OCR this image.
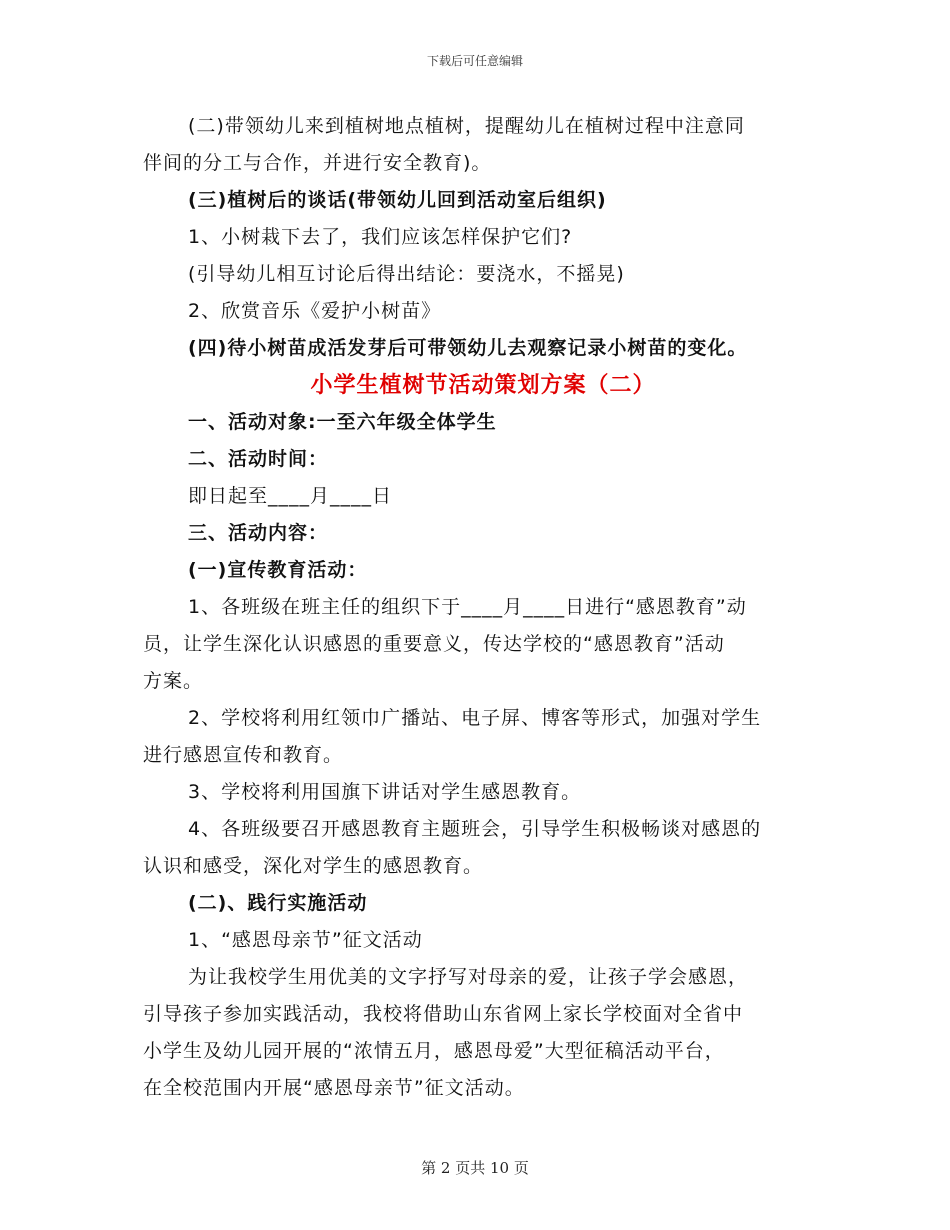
下载后可任意编辑
(二)带领幼儿来到植树地点植树，提醒幼儿在植树过程中注意同
伴间的分工与合作，并进行安全教育)。
(三)植树后的谈话(带领幼儿回到活动室后组织)
1、小树栽下去了，我们应该怎样保护它们?
(引导幼儿相互讨论后得出结论：要浇水，不摇晃)
2、欣赏音乐《爱护小树苗》
(四)待小树苗成活发芽后可带领幼儿去观察记录小树苗的变化。
小学生植树节活动策划方案（二）
一、活动对象:一至六年级全体学生
二、活动时间：
即日起至____月____日
三、活动内容：
(一)宣传教育活动：
1、各班级在班主任的组织下于____月____日进行“感恩教育”动
员，让学生深化认识感恩的重要意义，传达学校的“感恩教育”活动
方案。
2、学校将利用红领巾广播站、电子屏、博客等形式，加强对学生
进行感恩宣传和教育。
3、学校将利用国旗下讲话对学生感恩教育。
4、各班级要召开感恩教育主题班会，引导学生积极畅谈对感恩的
认识和感受，深化对学生的感恩教育。
(二)、践行实施活动
1、“感恩母亲节”征文活动
为让我校学生用优美的文字抒写对母亲的爱，让孩子学会感恩，
引导孩子参加实践活动，我校将借助山东省网上家长学校面对全省中
小学生及幼儿园开展的“浓情五月，感恩母爱”大型征稿活动平台，
在全校范围内开展“感恩母亲节”征文活动。
第 2 页共 10 页
